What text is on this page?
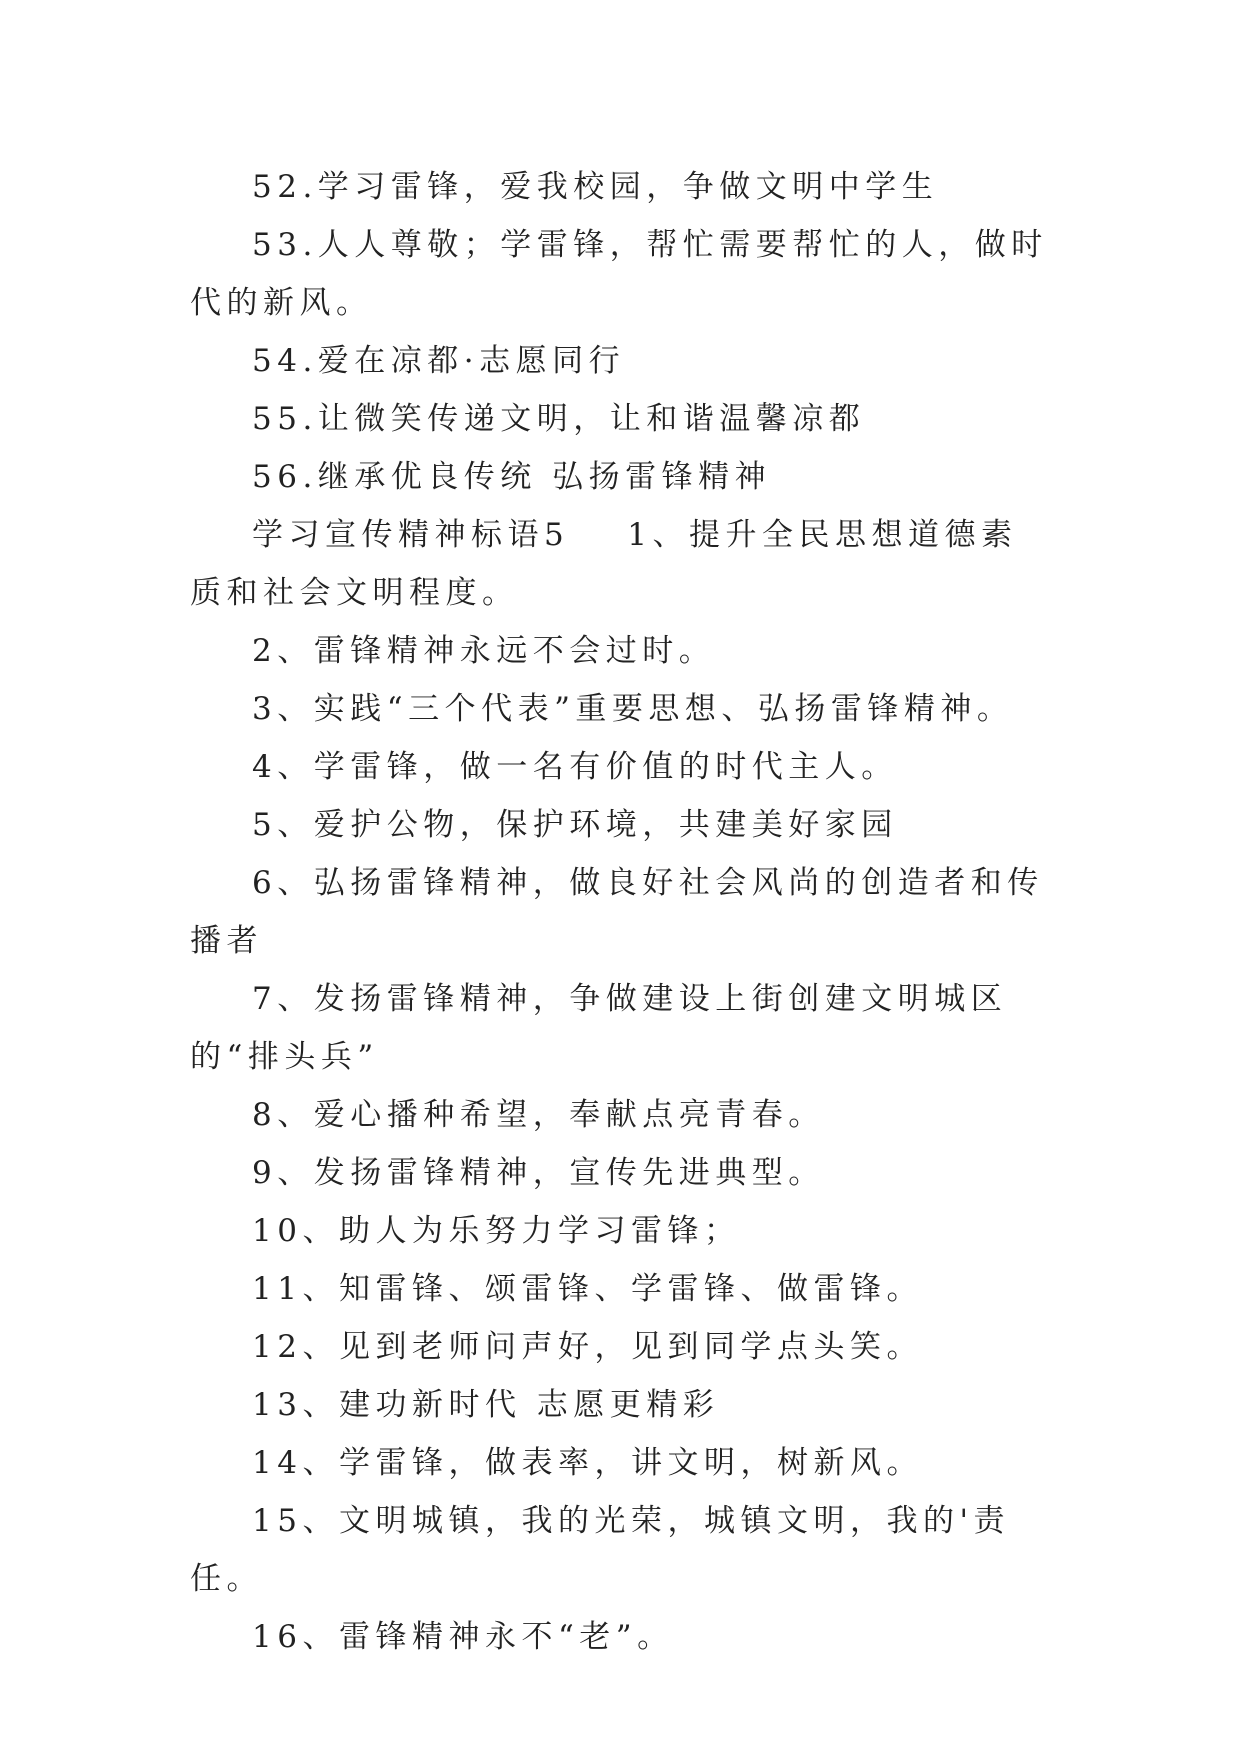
52.学习雷锋，爱我校园，争做文明中学生

53.人人尊敬；学雷锋，帮忙需要帮忙的人，做时代的新风。

54.爱在凉都·志愿同行

55.让微笑传递文明，让和谐温馨凉都

56.继承优良传统 弘扬雷锋精神

学习宣传精神标语5 1、提升全民思想道德素质和社会文明程度。

2、雷锋精神永远不会过时。

3、实践“三个代表”重要思想、弘扬雷锋精神。

4、学雷锋，做一名有价值的时代主人。

5、爱护公物，保护环境，共建美好家园

6、弘扬雷锋精神，做良好社会风尚的创造者和传播者

7、发扬雷锋精神，争做建设上街创建文明城区的“排头兵”

8、爱心播种希望，奉献点亮青春。

9、发扬雷锋精神，宣传先进典型。

10、助人为乐努力学习雷锋；

11、知雷锋、颂雷锋、学雷锋、做雷锋。

12、见到老师问声好，见到同学点头笑。

13、建功新时代 志愿更精彩

14、学雷锋，做表率，讲文明，树新风。

15、文明城镇，我的光荣，城镇文明，我的'责任。

16、雷锋精神永不“老”。
